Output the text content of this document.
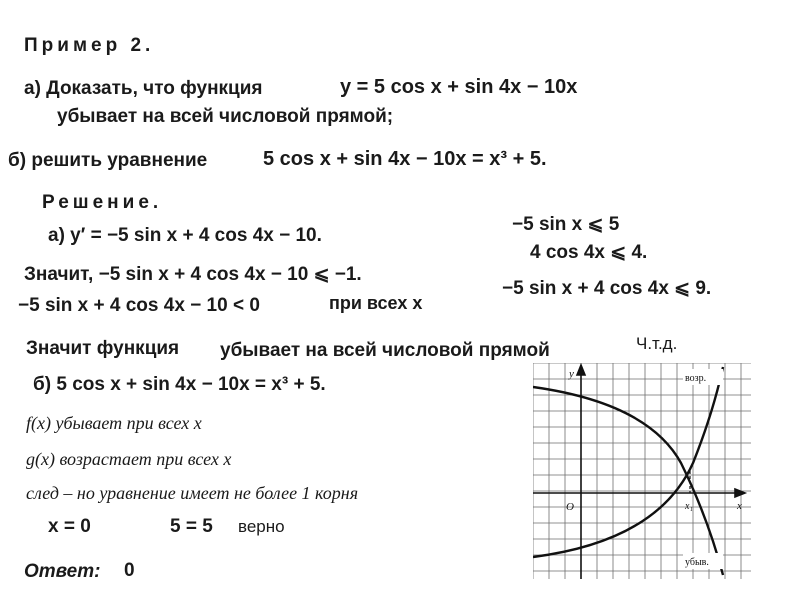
Пример 2.
а) Доказать, что функция	y = 5 cos x + sin 4x − 10x
убывает на всей числовой прямой;
б) решить уравнение	5 cos x + sin 4x − 10x = x³ + 5.
Решение.
а) y′ = −5 sin x + 4 cos 4x − 10.
−5 sin x ⩽ 5
4 cos 4x ⩽ 4.
−5 sin x + 4 cos 4x ⩽ 9.
Значит, −5 sin x + 4 cos 4x − 10 ⩽ −1.
−5 sin x + 4 cos 4x − 10 < 0	при всех x
Значит функция убывает на всей числовой прямой	Ч.т.д.
б) 5 cos x + sin 4x − 10x = x³ + 5.
f(x) убывает при всех x
g(x) возрастает при всех x
след – но уравнение имеет не более 1 корня
x = 0	5 = 5 верно
Ответ: 0
y
x
O	x₁
возр.
убыв.
